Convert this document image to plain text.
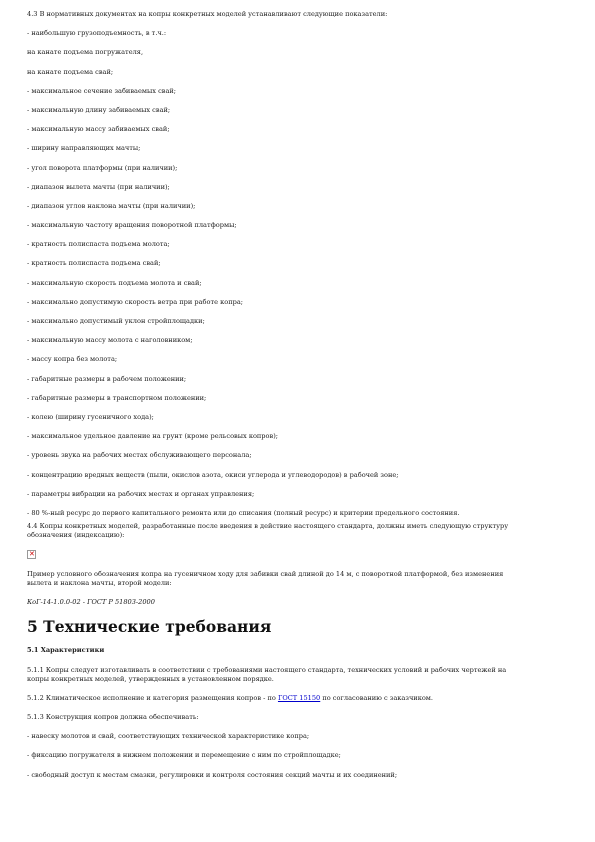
4.3 В нормативных документах на копры конкретных моделей устанавливают следующие показатели:
- наибольшую грузоподъемность, в т.ч.:
на канате подъема погружателя,
на канате подъема свай;
- максимальное сечение забиваемых свай;
- максимальную длину забиваемых свай;
- максимальную массу забиваемых свай;
- ширину направляющих мачты;
- угол поворота платформы (при наличии);
- диапазон вылета мачты (при наличии);
- диапазон углов наклона мачты (при наличии);
- максимальную частоту вращения поворотной платформы;
- кратность полиспаста подъема молота;
- кратность полиспаста подъема свай;
- максимальную скорость подъема молота и свай;
- максимально допустимую скорость ветра при работе копра;
- максимально допустимый уклон стройплощадки;
- максимальную массу молота с наголовником;
- массу копра без молота;
- габаритные размеры в рабочем положении;
- габаритные размеры в транспортном положении;
- колею (ширину гусеничного хода);
- максимальное удельное давление на грунт (кроме рельсовых копров);
- уровень звука на рабочих местах обслуживающего персонала;
- концентрацию вредных веществ (пыли, окислов азота, окиси углерода и углеводородов) в рабочей зоне;
- параметры вибрации на рабочих местах и органах управления;
- 80 %-ный ресурс до первого капитального ремонта или до списания (полный ресурс) и критерии предельного состояния.
4.4 Копры конкретных моделей, разработанные после введения в действие настоящего стандарта, должны иметь следующую структуру
обозначения (индексацию):
✕
Пример условного обозначения копра на гусеничном ходу для забивки свай длиной до 14 м, с поворотной платформой, без изменения
вылета и наклона мачты, второй модели:
КоГ-14-1.0.0-02 - ГОСТ Р 51803-2000
5 Технические требования
5.1 Характеристики
5.1.1 Копры следует изготавливать в соответствии с требованиями настоящего стандарта, технических условий и рабочих чертежей на
копры конкретных моделей, утвержденных в установленном порядке.
5.1.2 Климатическое исполнение и категория размещения копров - по ГОСТ 15150 по согласованию с заказчиком.
5.1.3 Конструкция копров должна обеспечивать:
- навеску молотов и свай, соответствующих технической характеристике копра;
- фиксацию погружателя в нижнем положении и перемещение с ним по стройплощадке;
- свободный доступ к местам смазки, регулировки и контроля состояния секций мачты и их соединений;
